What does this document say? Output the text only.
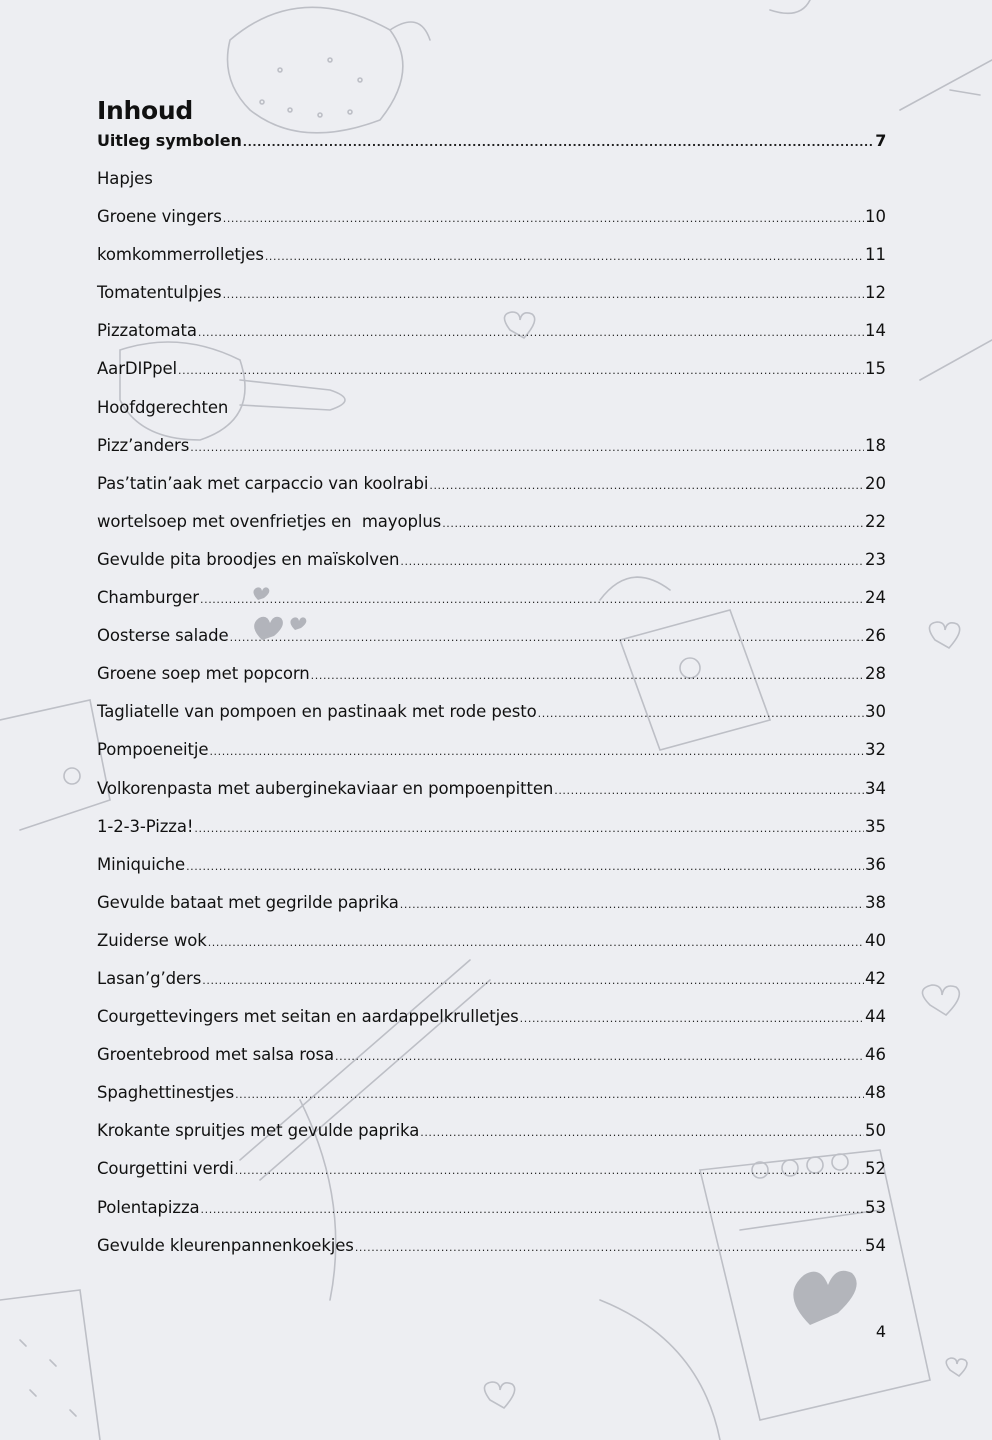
Inhoud
Uitleg symbolen .....	7
Hapjes
Groene vingers .....	10
komkommerrolletjes .....	11
Tomatentulpjes .....	12
Pizzatomata .....	14
AarDIPpel .....	15
Hoofdgerechten
Pizz’anders .....	18
Pas’tatin’aak met carpaccio van koolrabi .....	20
wortelsoep met ovenfrietjes en  mayoplus .....	22
Gevulde pita broodjes en maïskolven .....	23
Chamburger .....	24
Oosterse salade .....	26
Groene soep met popcorn .....	28
Tagliatelle van pompoen en pastinaak met rode pesto .....	30
Pompoeneitje .....	32
Volkorenpasta met auberginekaviaar en pompoenpitten .....	34
1-2-3-Pizza! .....	35
Miniquiche .....	36
Gevulde bataat met gegrilde paprika .....	38
Zuiderse wok .....	40
Lasan’g’ders .....	42
Courgettevingers met seitan en aardappelkrulletjes .....	44
Groentebrood met salsa rosa .....	46
Spaghettinestjes .....	48
Krokante spruitjes met gevulde paprika .....	50
Courgettini verdi .....	52
Polentapizza .....	53
Gevulde kleurenpannenkoekjes .....	54
4
